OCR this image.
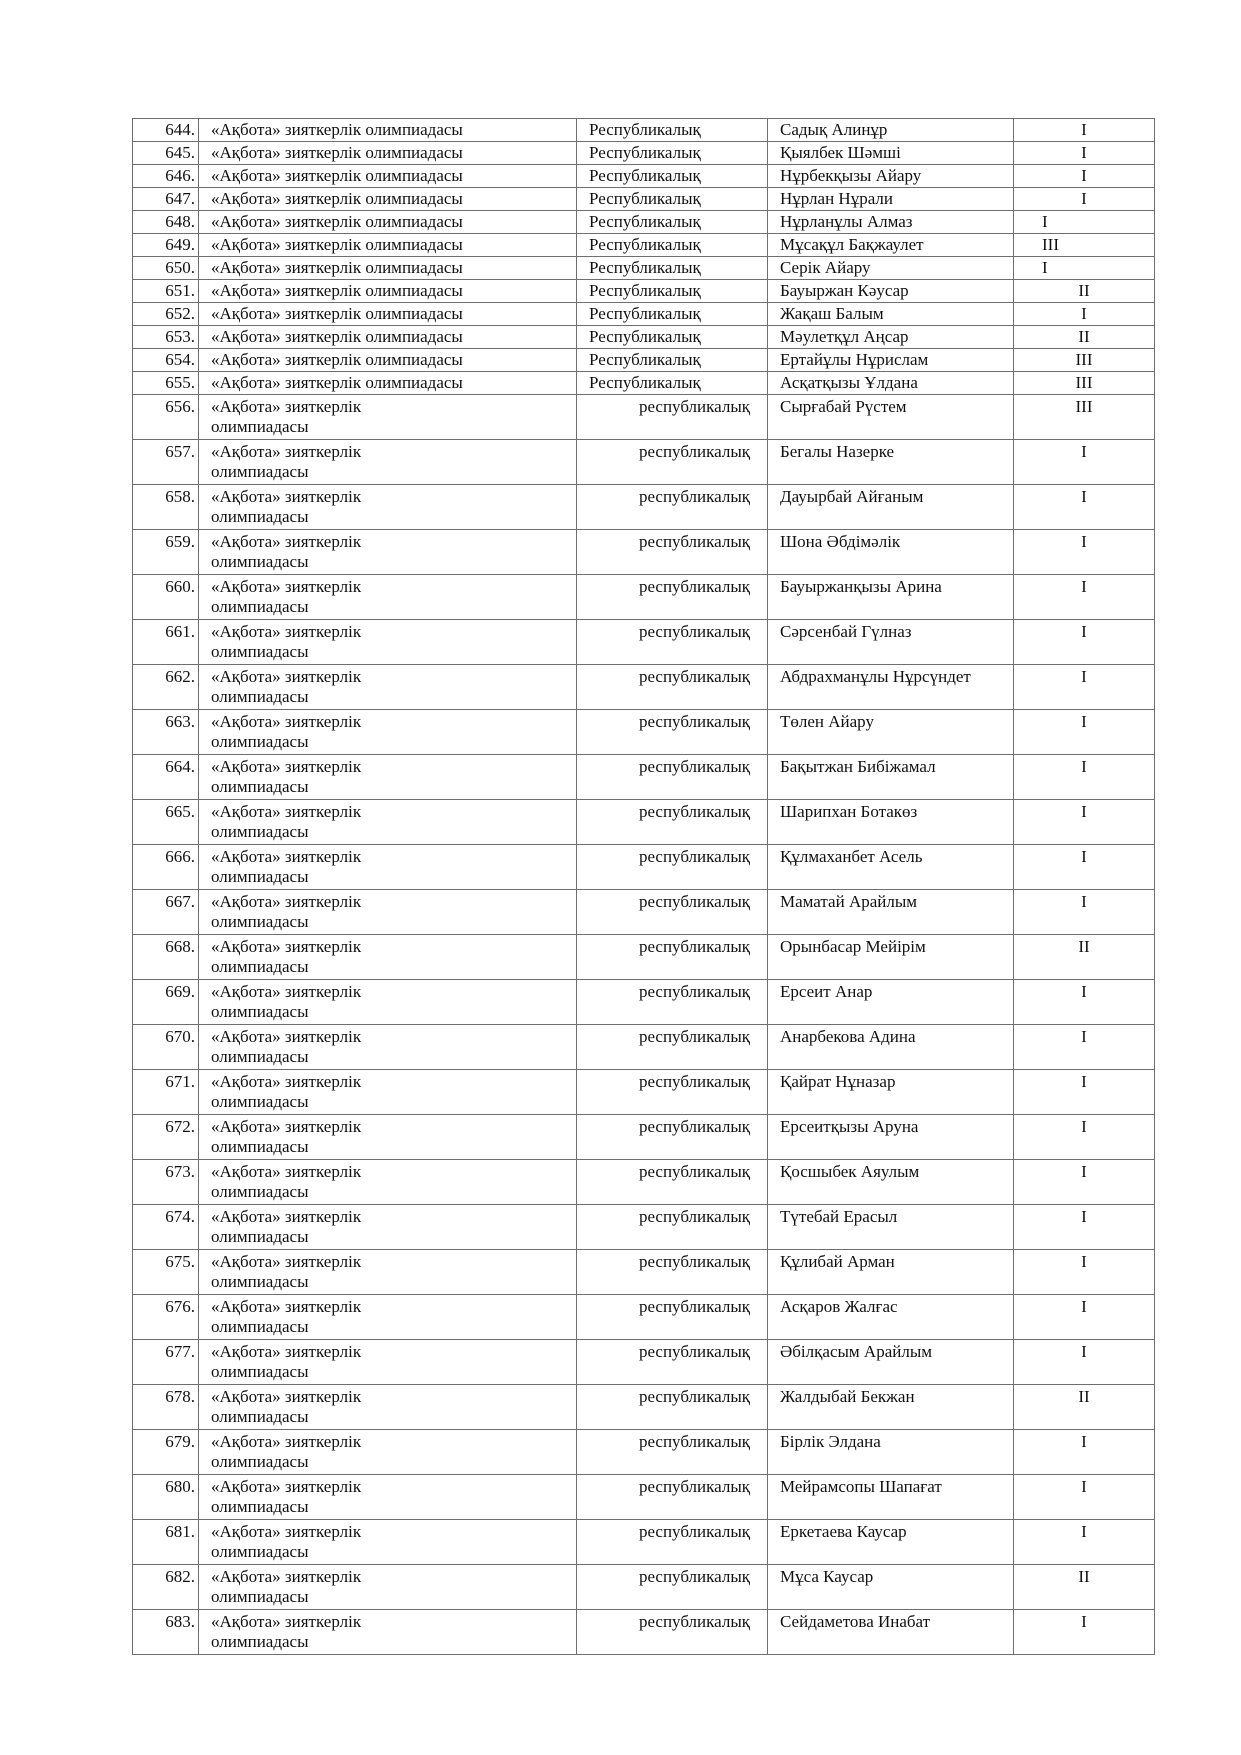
644.	«Ақбота» зияткерлік олимпиадасы	Республикалық	Садық Алинұр	I
645.	«Ақбота» зияткерлік олимпиадасы	Республикалық	Қыялбек Шәмші	I
646.	«Ақбота» зияткерлік олимпиадасы	Республикалық	Нұрбекқызы Айару	I
647.	«Ақбота» зияткерлік олимпиадасы	Республикалық	Нұрлан Нұрали	I
648.	«Ақбота» зияткерлік олимпиадасы	Республикалық	Нұрланұлы Алмаз	I
649.	«Ақбота» зияткерлік олимпиадасы	Республикалық	Мұсақұл Бақжаулет	III
650.	«Ақбота» зияткерлік олимпиадасы	Республикалық	Серік Айару	I
651.	«Ақбота» зияткерлік олимпиадасы	Республикалық	Бауыржан Кәусар	II
652.	«Ақбота» зияткерлік олимпиадасы	Республикалық	Жақаш Балым	I
653.	«Ақбота» зияткерлік олимпиадасы	Республикалық	Мәулетқұл Аңсар	II
654.	«Ақбота» зияткерлік олимпиадасы	Республикалық	Ертайұлы Нұрислам	III
655.	«Ақбота» зияткерлік олимпиадасы	Республикалық	Асқатқызы Ұлдана	III
656.	«Ақбота» зияткерлік олимпиадасы	республикалық	Сырғабай Рүстем	III
657.	«Ақбота» зияткерлік олимпиадасы	республикалық	Бегалы Назерке	I
658.	«Ақбота» зияткерлік олимпиадасы	республикалық	Дауырбай Айғаным	I
659.	«Ақбота» зияткерлік олимпиадасы	республикалық	Шона Әбдімәлік	I
660.	«Ақбота» зияткерлік олимпиадасы	республикалық	Бауыржанқызы Арина	I
661.	«Ақбота» зияткерлік олимпиадасы	республикалық	Сәрсенбай Гүлназ	I
662.	«Ақбота» зияткерлік олимпиадасы	республикалық	Абдрахманұлы Нұрсүндет	I
663.	«Ақбота» зияткерлік олимпиадасы	республикалық	Төлен Айару	I
664.	«Ақбота» зияткерлік олимпиадасы	республикалық	Бақытжан Бибіжамал	I
665.	«Ақбота» зияткерлік олимпиадасы	республикалық	Шарипхан Ботакөз	I
666.	«Ақбота» зияткерлік олимпиадасы	республикалық	Құлмаханбет Асель	I
667.	«Ақбота» зияткерлік олимпиадасы	республикалық	Маматай Арайлым	I
668.	«Ақбота» зияткерлік олимпиадасы	республикалық	Орынбасар Мейірім	II
669.	«Ақбота» зияткерлік олимпиадасы	республикалық	Ерсеит Анар	I
670.	«Ақбота» зияткерлік олимпиадасы	республикалық	Анарбекова Адина	I
671.	«Ақбота» зияткерлік олимпиадасы	республикалық	Қайрат Нұназар	I
672.	«Ақбота» зияткерлік олимпиадасы	республикалық	Ерсеитқызы Аруна	I
673.	«Ақбота» зияткерлік олимпиадасы	республикалық	Қосшыбек Аяулым	I
674.	«Ақбота» зияткерлік олимпиадасы	республикалық	Түтебай Ерасыл	I
675.	«Ақбота» зияткерлік олимпиадасы	республикалық	Құлибай Арман	I
676.	«Ақбота» зияткерлік олимпиадасы	республикалық	Асқаров Жалғас	I
677.	«Ақбота» зияткерлік олимпиадасы	республикалық	Әбілқасым Арайлым	I
678.	«Ақбота» зияткерлік олимпиадасы	республикалық	Жалдыбай Бекжан	II
679.	«Ақбота» зияткерлік олимпиадасы	республикалық	Бірлік Элдана	I
680.	«Ақбота» зияткерлік олимпиадасы	республикалық	Мейрамсопы Шапағат	I
681.	«Ақбота» зияткерлік олимпиадасы	республикалық	Еркетаева Каусар	I
682.	«Ақбота» зияткерлік олимпиадасы	республикалық	Мұса Каусар	II
683.	«Ақбота» зияткерлік олимпиадасы	республикалық	Сейдаметова Инабат	I
